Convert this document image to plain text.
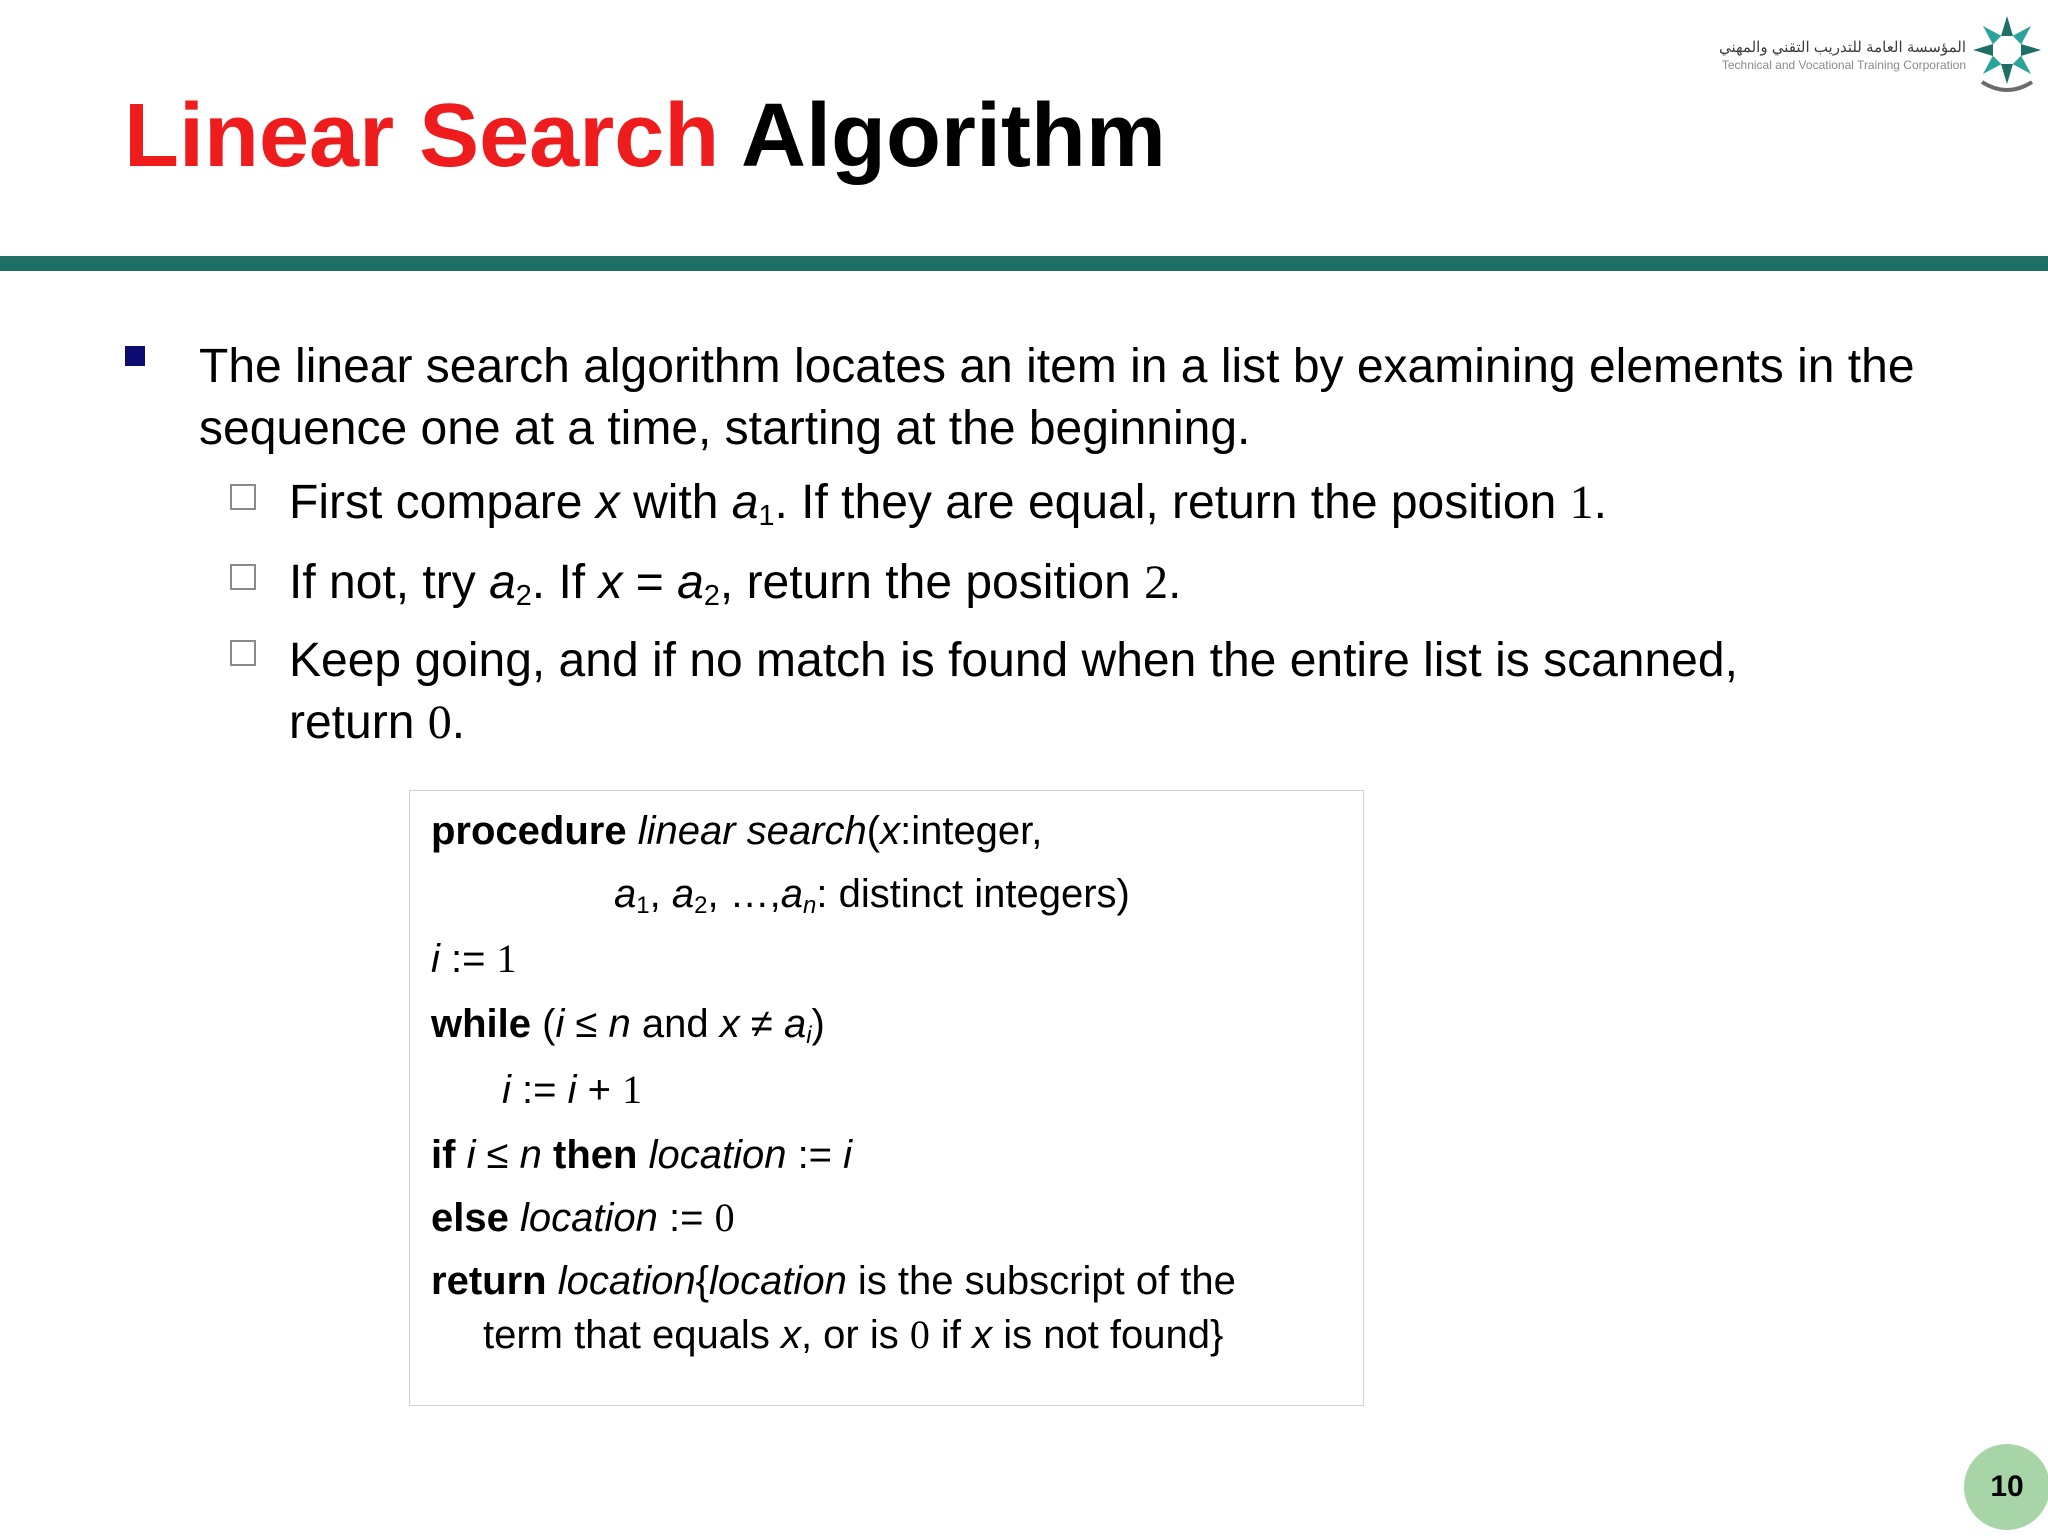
المؤسسة العامة للتدريب التقني والمهني
Technical and Vocational Training Corporation
Linear Search Algorithm

The linear search algorithm locates an item in a list by examining elements in the sequence one at a time, starting at the beginning.

First compare x with $a_1$. If they are equal, return the position 1.
If not, try $a_2$. If $x = a_2$, return the position 2.
Keep going, and if no match is found when the entire list is scanned,
return 0.
procedure linear search(x:integer,
$a_1$, $a_2$, $\dots,a_n$: distinct integers)
i := 1
while (i ≤ n and $x \ne a_i$)
i := i + 1
if i ≤ n then location := i
else location := 0
return location{location is the subscript of the
term that equals x, or is 0 if x is not found}
10
